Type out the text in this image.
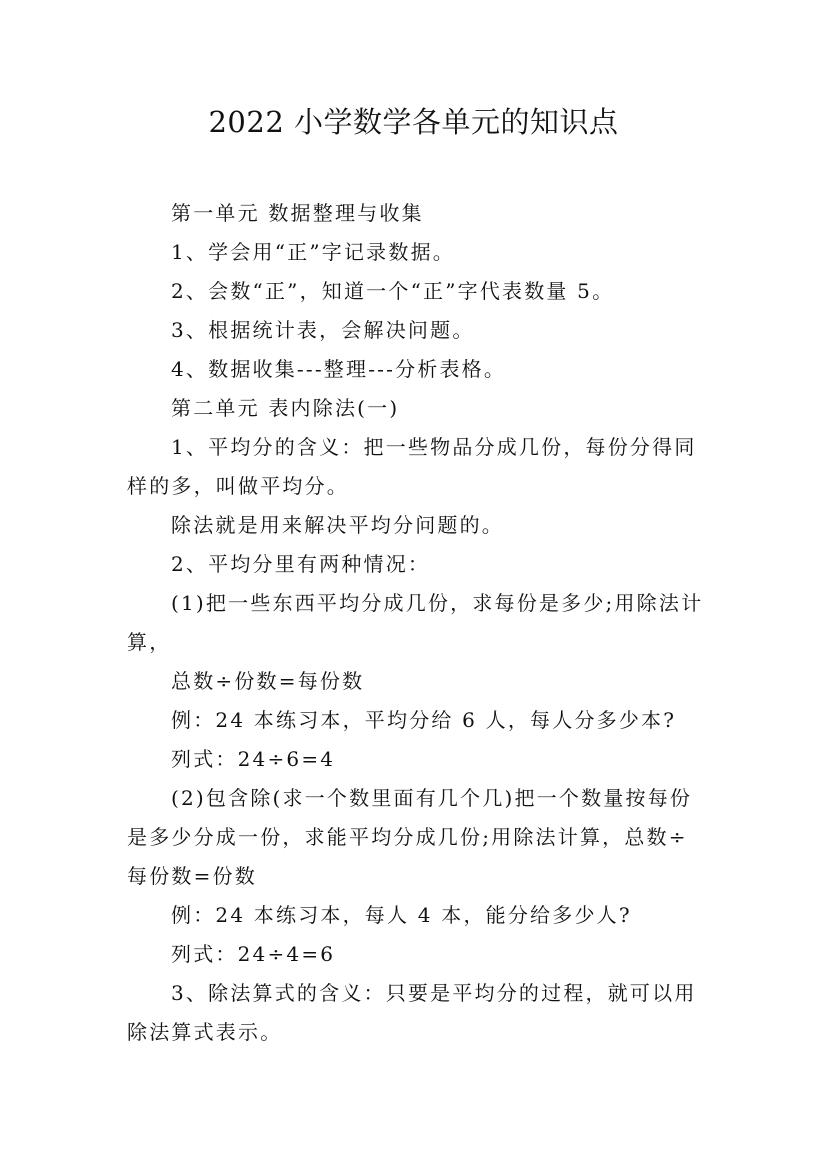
2022 小学数学各单元的知识点
第一单元 数据整理与收集
1、学会用“正”字记录数据。
2、会数“正”，知道一个“正”字代表数量 5。
3、根据统计表，会解决问题。
4、数据收集---整理---分析表格。
第二单元 表内除法(一)
1、平均分的含义：把一些物品分成几份，每份分得同
样的多，叫做平均分。
除法就是用来解决平均分问题的。
2、平均分里有两种情况：
(1)把一些东西平均分成几份，求每份是多少;用除法计
算，
总数÷份数=每份数
例：24 本练习本，平均分给 6 人，每人分多少本?
列式：24÷6=4
(2)包含除(求一个数里面有几个几)把一个数量按每份
是多少分成一份，求能平均分成几份;用除法计算，总数÷
每份数=份数
例：24 本练习本，每人 4 本，能分给多少人?
列式：24÷4=6
3、除法算式的含义：只要是平均分的过程，就可以用
除法算式表示。
